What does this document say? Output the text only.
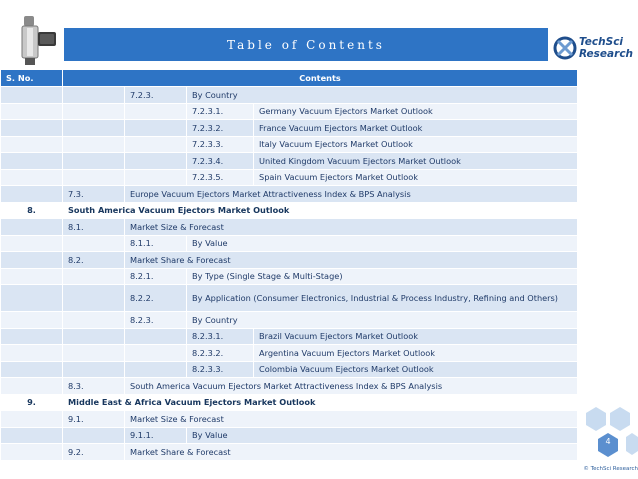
Table of Contents	TechSci
Research
S. No.	Contents			
		7.2.3.	By Country	
			7.2.3.1.	Germany Vacuum Ejectors Market Outlook
			7.2.3.2.	France Vacuum Ejectors Market Outlook
			7.2.3.3.	Italy Vacuum Ejectors Market Outlook
			7.2.3.4.	United Kingdom Vacuum Ejectors Market Outlook
			7.2.3.5.	Spain Vacuum Ejectors Market Outlook
	7.3.	Europe Vacuum Ejectors Market Attractiveness Index & BPS Analysis		
8.	South America Vacuum Ejectors Market Outlook			
	8.1.	Market Size & Forecast		
		8.1.1.	By Value	
	8.2.	Market Share & Forecast		
		8.2.1.	By Type (Single Stage & Multi-Stage)	
		8.2.2.	By Application (Consumer Electronics, Industrial & Process Industry, Refining and Others)	
		8.2.3.	By Country	
			8.2.3.1.	Brazil Vacuum Ejectors Market Outlook
			8.2.3.2.	Argentina Vacuum Ejectors Market Outlook
			8.2.3.3.	Colombia Vacuum Ejectors Market Outlook
	8.3.	South America Vacuum Ejectors Market Attractiveness Index & BPS Analysis		
9.	Middle East & Africa Vacuum Ejectors Market Outlook			
	9.1.	Market Size & Forecast		
		9.1.1.	By Value	
	9.2.	Market Share & Forecast		
4
© TechSci Research
